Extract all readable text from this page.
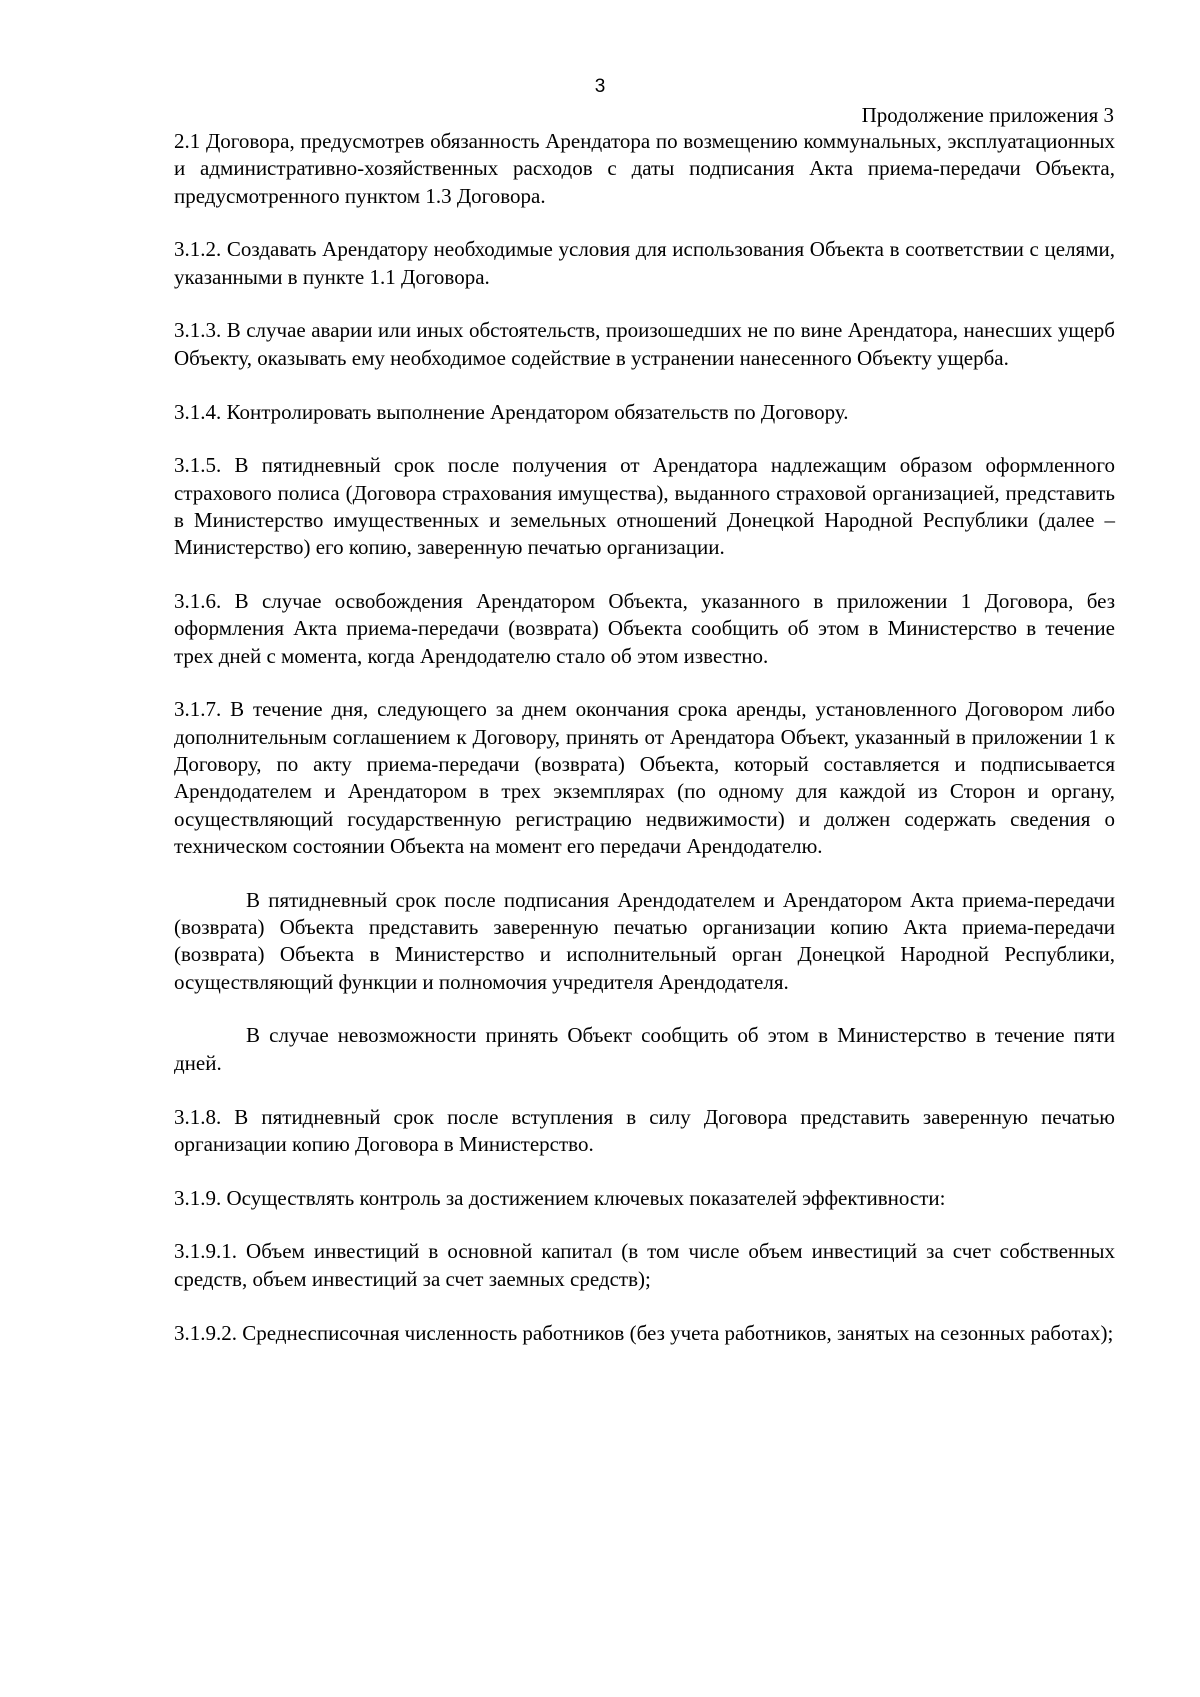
3
Продолжение приложения 3

2.1 Договора, предусмотрев обязанность Арендатора по возмещению коммунальных, эксплуатационных и административно-хозяйственных расходов с даты подписания Акта приема-передачи Объекта, предусмотренного пунктом 1.3 Договора.

3.1.2. Создавать Арендатору необходимые условия для использования Объекта в соответствии с целями, указанными в пункте 1.1 Договора.

3.1.3. В случае аварии или иных обстоятельств, произошедших не по вине Арендатора, нанесших ущерб Объекту, оказывать ему необходимое содействие в устранении нанесенного Объекту ущерба.

3.1.4. Контролировать выполнение Арендатором обязательств по Договору.

3.1.5. В пятидневный срок после получения от Арендатора надлежащим образом оформленного страхового полиса (Договора страхования имущества), выданного страховой организацией, представить в Министерство имущественных и земельных отношений Донецкой Народной Республики (далее – Министерство) его копию, заверенную печатью организации.

3.1.6. В случае освобождения Арендатором Объекта, указанного в приложении 1 Договора, без оформления Акта приема-передачи (возврата) Объекта сообщить об этом в Министерство в течение трех дней с момента, когда Арендодателю стало об этом известно.

3.1.7. В течение дня, следующего за днем окончания срока аренды, установленного Договором либо дополнительным соглашением к Договору, принять от Арендатора Объект, указанный в приложении 1 к Договору, по акту приема-передачи (возврата) Объекта, который составляется и подписывается Арендодателем и Арендатором в трех экземплярах (по одному для каждой из Сторон и органу, осуществляющий государственную регистрацию недвижимости) и должен содержать сведения о техническом состоянии Объекта на момент его передачи Арендодателю.

В пятидневный срок после подписания Арендодателем и Арендатором Акта приема-передачи (возврата) Объекта представить заверенную печатью организации копию Акта приема-передачи (возврата) Объекта в Министерство и исполнительный орган Донецкой Народной Республики, осуществляющий функции и полномочия учредителя Арендодателя.

В случае невозможности принять Объект сообщить об этом в Министерство в течение пяти дней.

3.1.8. В пятидневный срок после вступления в силу Договора представить заверенную печатью организации копию Договора в Министерство.

3.1.9. Осуществлять контроль за достижением ключевых показателей эффективности:

3.1.9.1. Объем инвестиций в основной капитал (в том числе объем инвестиций за счет собственных средств, объем инвестиций за счет заемных средств);

3.1.9.2. Среднесписочная численность работников (без учета работников, занятых на сезонных работах);
